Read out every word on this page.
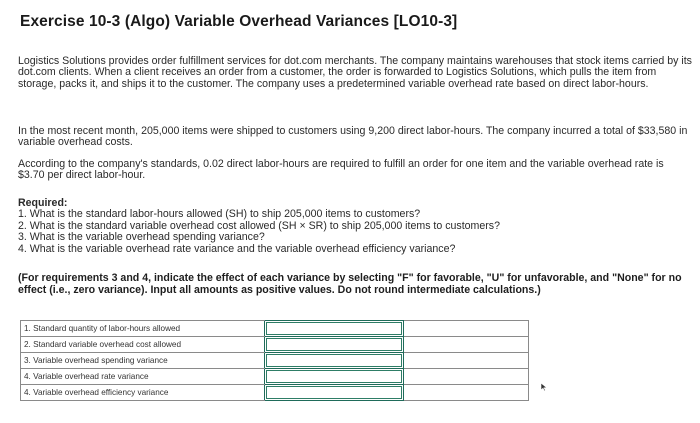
Exercise 10-3 (Algo) Variable Overhead Variances [LO10-3]
Logistics Solutions provides order fulfillment services for dot.com merchants. The company maintains warehouses that stock items carried by its dot.com clients. When a client receives an order from a customer, the order is forwarded to Logistics Solutions, which pulls the item from storage, packs it, and ships it to the customer. The company uses a predetermined variable overhead rate based on direct labor-hours.
In the most recent month, 205,000 items were shipped to customers using 9,200 direct labor-hours. The company incurred a total of $33,580 in variable overhead costs.
According to the company's standards, 0.02 direct labor-hours are required to fulfill an order for one item and the variable overhead rate is $3.70 per direct labor-hour.
Required:
1. What is the standard labor-hours allowed (SH) to ship 205,000 items to customers?
2. What is the standard variable overhead cost allowed (SH × SR) to ship 205,000 items to customers?
3. What is the variable overhead spending variance?
4. What is the variable overhead rate variance and the variable overhead efficiency variance?
(For requirements 3 and 4, indicate the effect of each variance by selecting "F" for favorable, "U" for unfavorable, and "None" for no effect (i.e., zero variance). Input all amounts as positive values. Do not round intermediate calculations.)
1. Standard quantity of labor-hours allowed		

2. Standard variable overhead cost allowed		

3. Variable overhead spending variance		

4. Variable overhead rate variance		

4. Variable overhead efficiency variance		
